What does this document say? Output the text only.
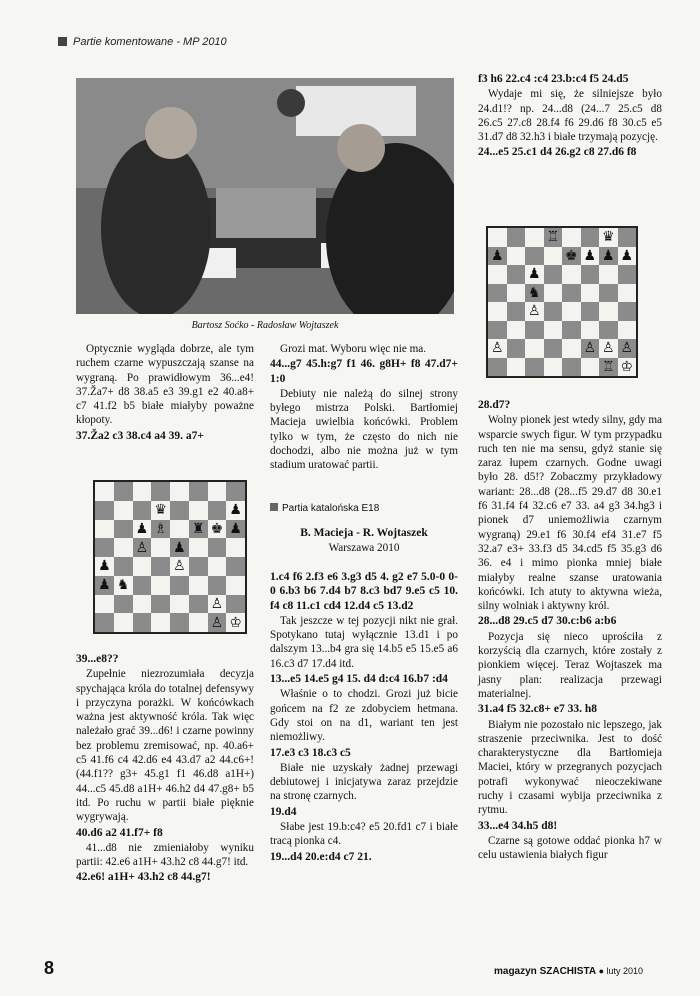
Partie komentowane - MP 2010
Bartosz Soćko - Radosław Wojtaszek

Optycznie wygląda dobrze, ale tym ruchem czarne wypuszczają szanse na wygraną. Po prawidłowym 36...e4! 37.Ža7+ d8 38.a5 e3 39.g1 e2 40.a8+ c7 41.f2 b5 białe miałyby poważne kłopoty.

37.Ža2 c3 38.c4 a4 39. a7+

♛	♟
♟ ♗ ♜ ♚ ♟
♙ ♟
♟	♙
♟ ♞
♙
♙ ♔

39...e8??

Zupełnie niezrozumiała decyzja spychająca króla do totalnej defensywy i przyczyna porażki. W końcówkach ważna jest aktywność króla. Tak więc należało grać 39...d6! i czarne powinny bez problemu zremisować, np. 40.a6+ c5 41.f6 c4 42.d6 e4 43.d7 a2 44.c6+! (44.f1?? g3+ 45.g1 f1 46.d8 a1H+) 44...c5 45.d8 a1H+ 46.h2 d4 47.g8+ b5 itd. Po ruchu w partii białe pięknie wygrywają.

40.d6 a2 41.f7+ f8

41...d8 nie zmieniałoby wyniku partii: 42.e6 a1H+ 43.h2 c8 44.g7! itd.

42.e6! a1H+ 43.h2 c8 44.g7!

Grozi mat. Wyboru więc nie ma.

44...g7 45.h:g7 f1 46. g8H+ f8 47.d7+ 1:0

Debiuty nie należą do silnej strony byłego mistrza Polski. Bartłomiej Macieja uwielbia końcówki. Problem tylko w tym, że często do nich nie dochodzi, albo nie można już w tym stadium uratować partii.

Partia katalońska E18

B. Macieja - R. Wojtaszek

Warszawa 2010

1.c4 f6 2.f3 e6 3.g3 d5 4. g2 e7 5.0-0 0-0 6.b3 b6 7.d4 b7 8.c3 bd7 9.e5 c5 10. f4 c8 11.c1 cd4 12.d4 c5 13.d2

Tak jeszcze w tej pozycji nikt nie grał. Spotykano tutaj wyłącznie 13.d1 i po dalszym 13...b4 gra się 14.b5 e5 15.e5 a6 16.c3 d7 17.d4 itd.

13...e5 14.e5 g4 15. d4 d:c4 16.b7 :d4

Właśnie o to chodzi. Grozi już bicie gońcem na f2 ze zdobyciem hetmana. Gdy stoi on na d1, wariant ten jest niemożliwy.

17.e3 c3 18.c3 c5

Białe nie uzyskały żadnej przewagi debiutowej i inicjatywa zaraz przejdzie na stronę czarnych.

19.d4

Słabe jest 19.b:c4? e5 20.fd1 c7 i białe tracą pionka c4.

19...d4 20.e:d4 c7 21.

f3 h6 22.c4 :c4 23.b:c4 f5 24.d5

Wydaje mi się, że silniejsze było 24.d1!? np. 24...d8 (24...7 25.c5 d8 26.c5 27.c8 28.f4 f6 29.d6 f8 30.c5 e5 31.d7 d8 32.h3 i białe trzymają pozycję.

24...e5 25.c1 d4 26.g2 c8 27.d6 f8

♖	♛
♟	♚ ♟ ♟ ♟
♟
♞
♙
♙	♙ ♙ ♙
♖ ♔

28.d7?

Wolny pionek jest wtedy silny, gdy ma wsparcie swych figur. W tym przypadku ruch ten nie ma sensu, gdyż stanie się zaraz łupem czarnych. Godne uwagi było 28. d5!? Zobaczmy przykładowy wariant: 28...d8 (28...f5 29.d7 d8 30.e1 f6 31.f4 f4 32.c6 e7 33. a4 g3 34.hg3 i pionek d7 uniemożliwia czarnym wygraną) 29.e1 f6 30.f4 ef4 31.e7 f5 32.a7 e3+ 33.f3 d5 34.cd5 f5 35.g3 d6 36. e4 i mimo pionka mniej białe miałyby realne szanse uratowania końcówki. Ich atuty to aktywna wieża, silny wolniak i aktywny król.

28...d8 29.c5 d7 30.c:b6 a:b6

Pozycja się nieco uprościła z korzyścią dla czarnych, które zostały z pionkiem więcej. Teraz Wojtaszek ma jasny plan: realizacja przewagi materialnej.

31.a4 f5 32.c8+ e7 33. h8

Białym nie pozostało nic lepszego, jak straszenie przeciwnika. Jest to dość charakterystyczne dla Bartłomieja Maciei, który w przegranych pozycjach potrafi wykonywać nieoczekiwane ruchy i czasami wybija przeciwnika z rytmu.

33...e4 34.h5 d8!

Czarne są gotowe oddać pionka h7 w celu ustawienia białych figur

8	magazyn SZACHISTA ● luty 2010
